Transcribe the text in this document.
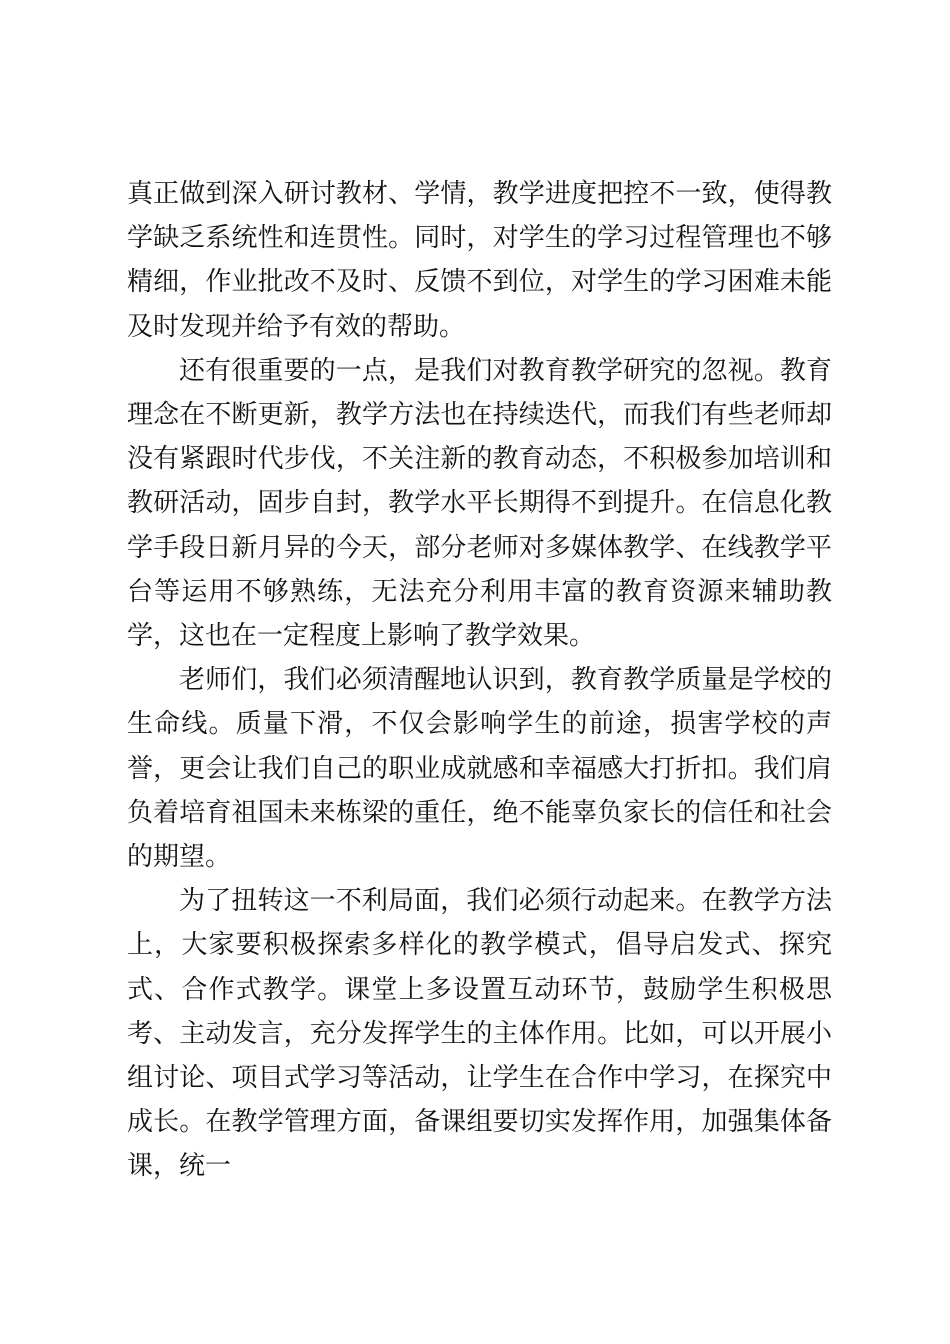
真正做到深入研讨教材、学情，教学进度把控不一致，使得教学缺乏系统性和连贯性。同时，对学生的学习过程管理也不够精细，作业批改不及时、反馈不到位，对学生的学习困难未能及时发现并给予有效的帮助。

还有很重要的一点，是我们对教育教学研究的忽视。教育理念在不断更新，教学方法也在持续迭代，而我们有些老师却没有紧跟时代步伐，不关注新的教育动态，不积极参加培训和教研活动，固步自封，教学水平长期得不到提升。在信息化教学手段日新月异的今天，部分老师对多媒体教学、在线教学平台等运用不够熟练，无法充分利用丰富的教育资源来辅助教学，这也在一定程度上影响了教学效果。

老师们，我们必须清醒地认识到，教育教学质量是学校的生命线。质量下滑，不仅会影响学生的前途，损害学校的声誉，更会让我们自己的职业成就感和幸福感大打折扣。我们肩负着培育祖国未来栋梁的重任，绝不能辜负家长的信任和社会的期望。

为了扭转这一不利局面，我们必须行动起来。在教学方法上，大家要积极探索多样化的教学模式，倡导启发式、探究式、合作式教学。课堂上多设置互动环节，鼓励学生积极思考、主动发言，充分发挥学生的主体作用。比如，可以开展小组讨论、项目式学习等活动，让学生在合作中学习，在探究中成长。在教学管理方面，备课组要切实发挥作用，加强集体备课，统一
